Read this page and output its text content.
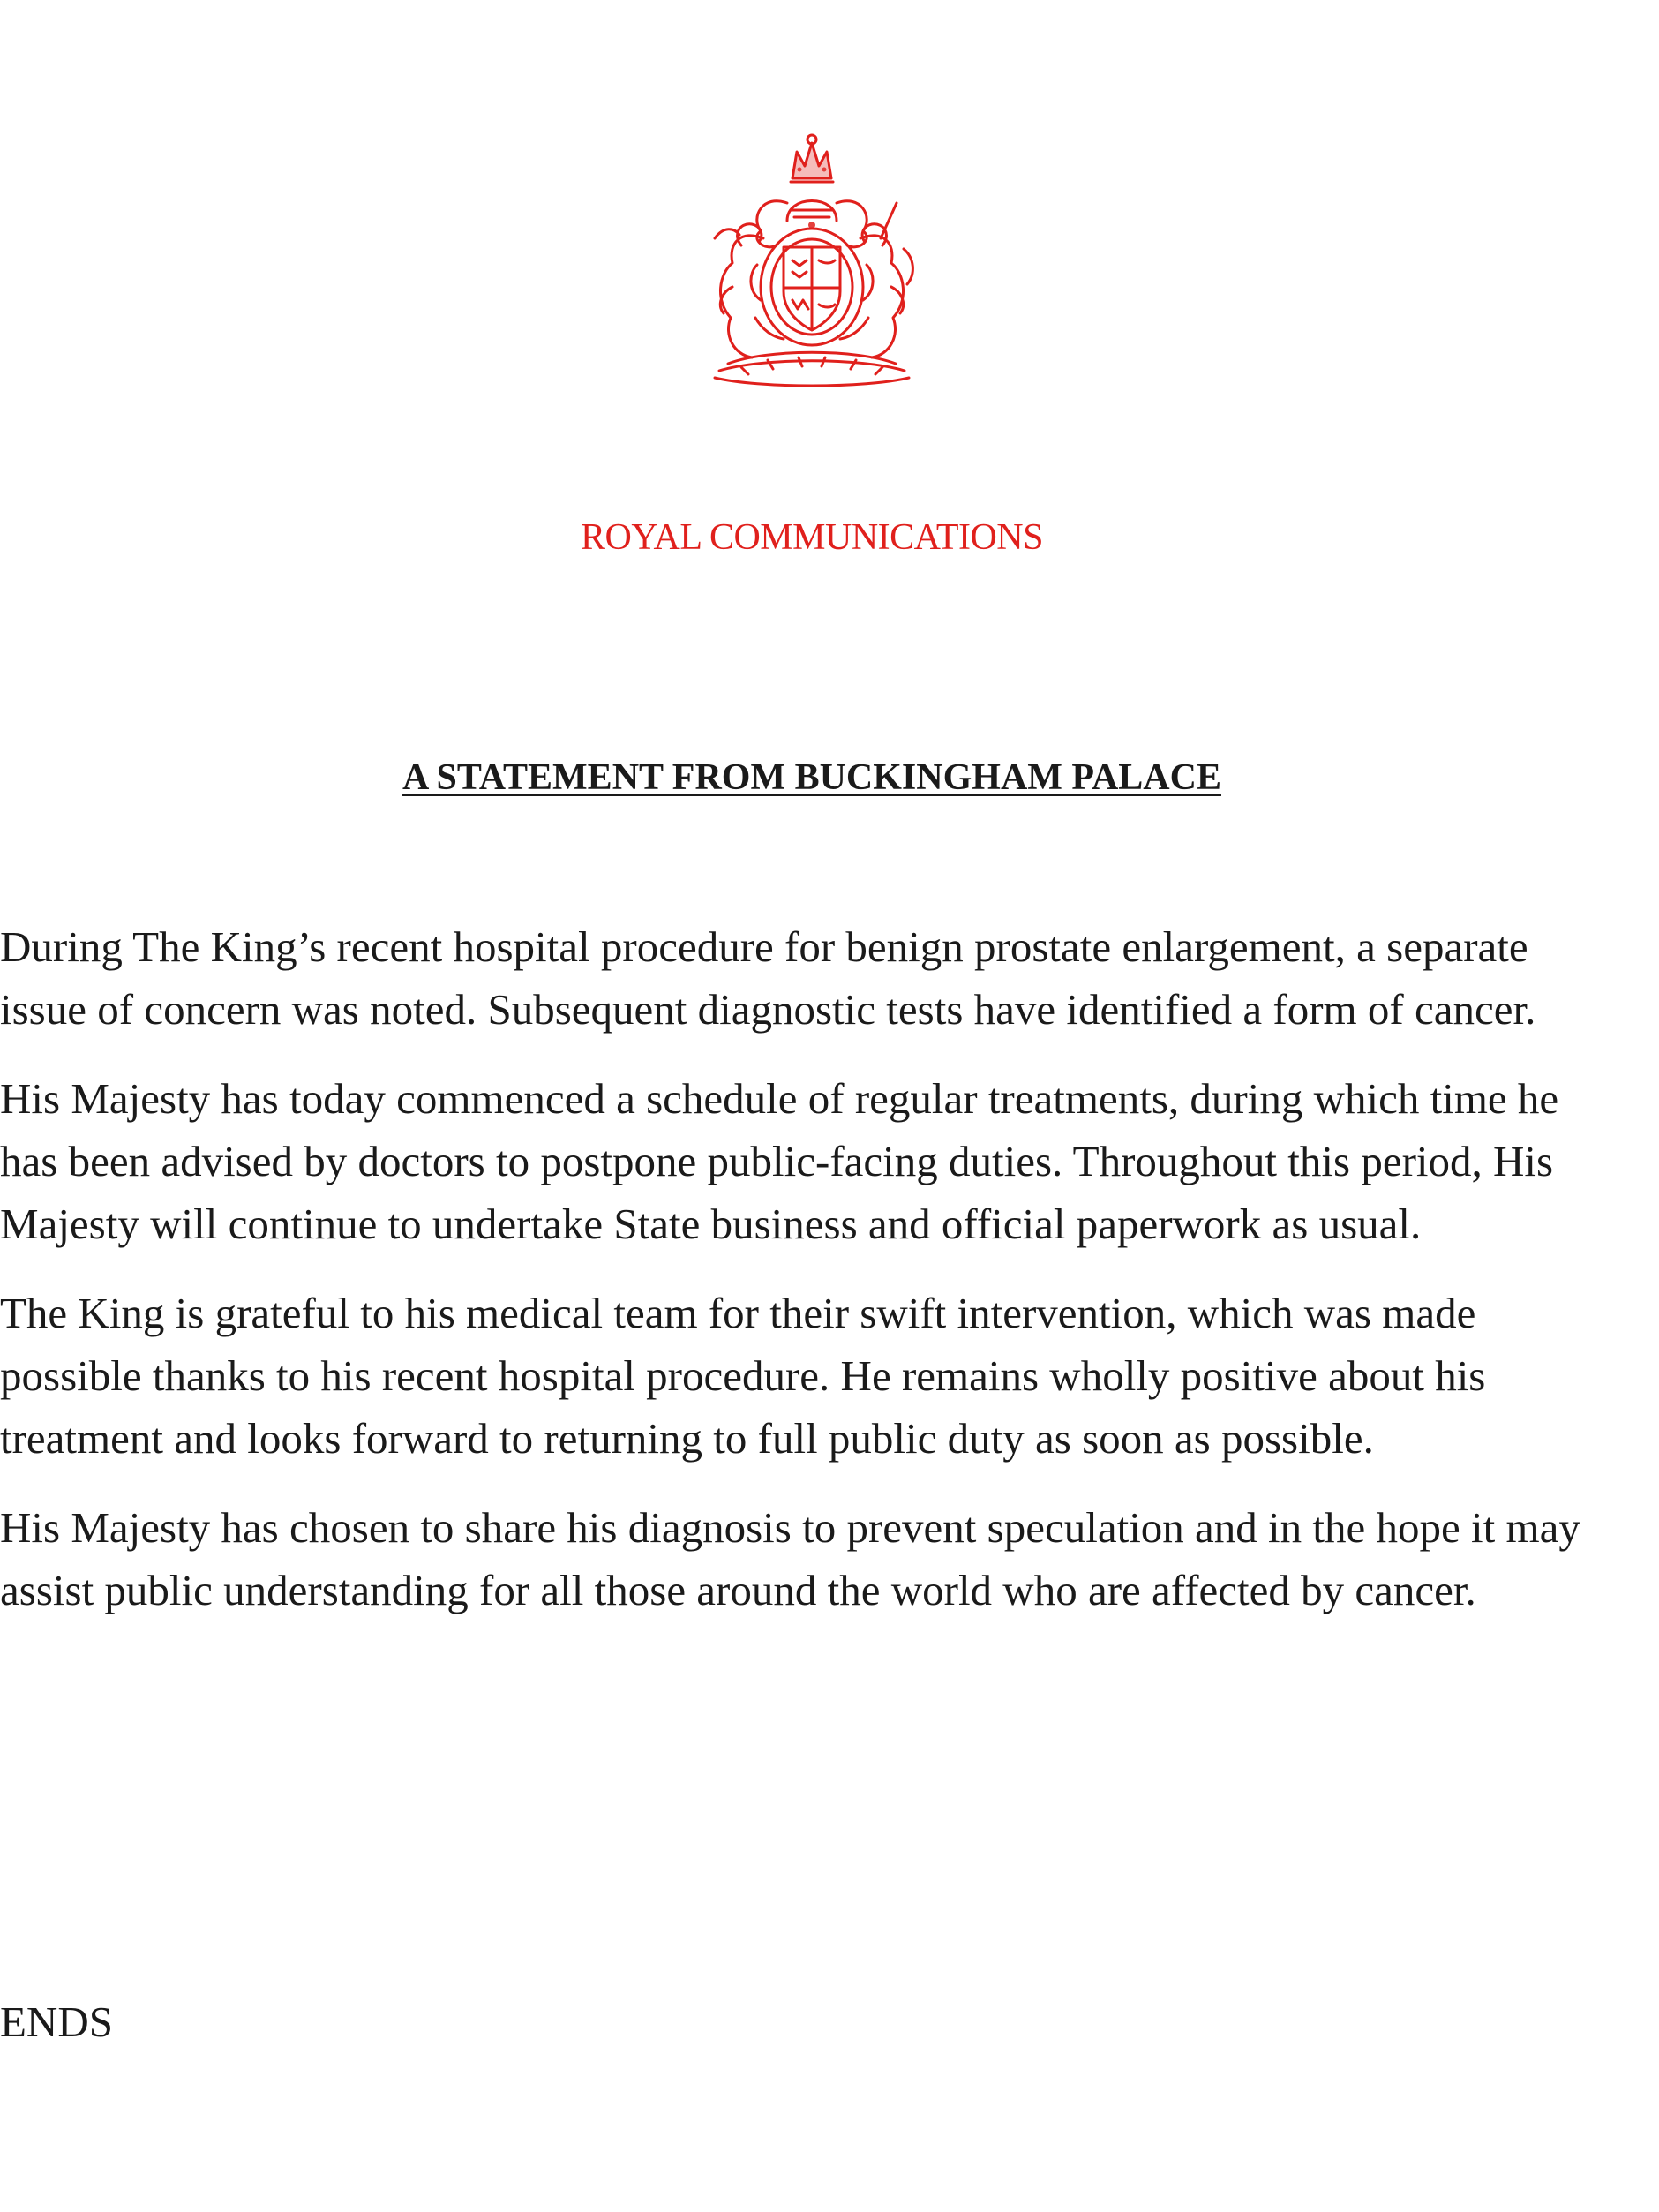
ROYAL COMMUNICATIONS
A STATEMENT FROM BUCKINGHAM PALACE

During The King’s recent hospital procedure for benign prostate enlargement, a separate issue of concern was noted. Subsequent diagnostic tests have identified a form of cancer.

His Majesty has today commenced a schedule of regular treatments, during which time he has been advised by doctors to postpone public-facing duties. Throughout this period, His Majesty will continue to undertake State business and official paperwork as usual.

The King is grateful to his medical team for their swift intervention, which was made possible thanks to his recent hospital procedure. He remains wholly positive about his treatment and looks forward to returning to full public duty as soon as possible.

His Majesty has chosen to share his diagnosis to prevent speculation and in the hope it may assist public understanding for all those around the world who are affected by cancer.

ENDS
